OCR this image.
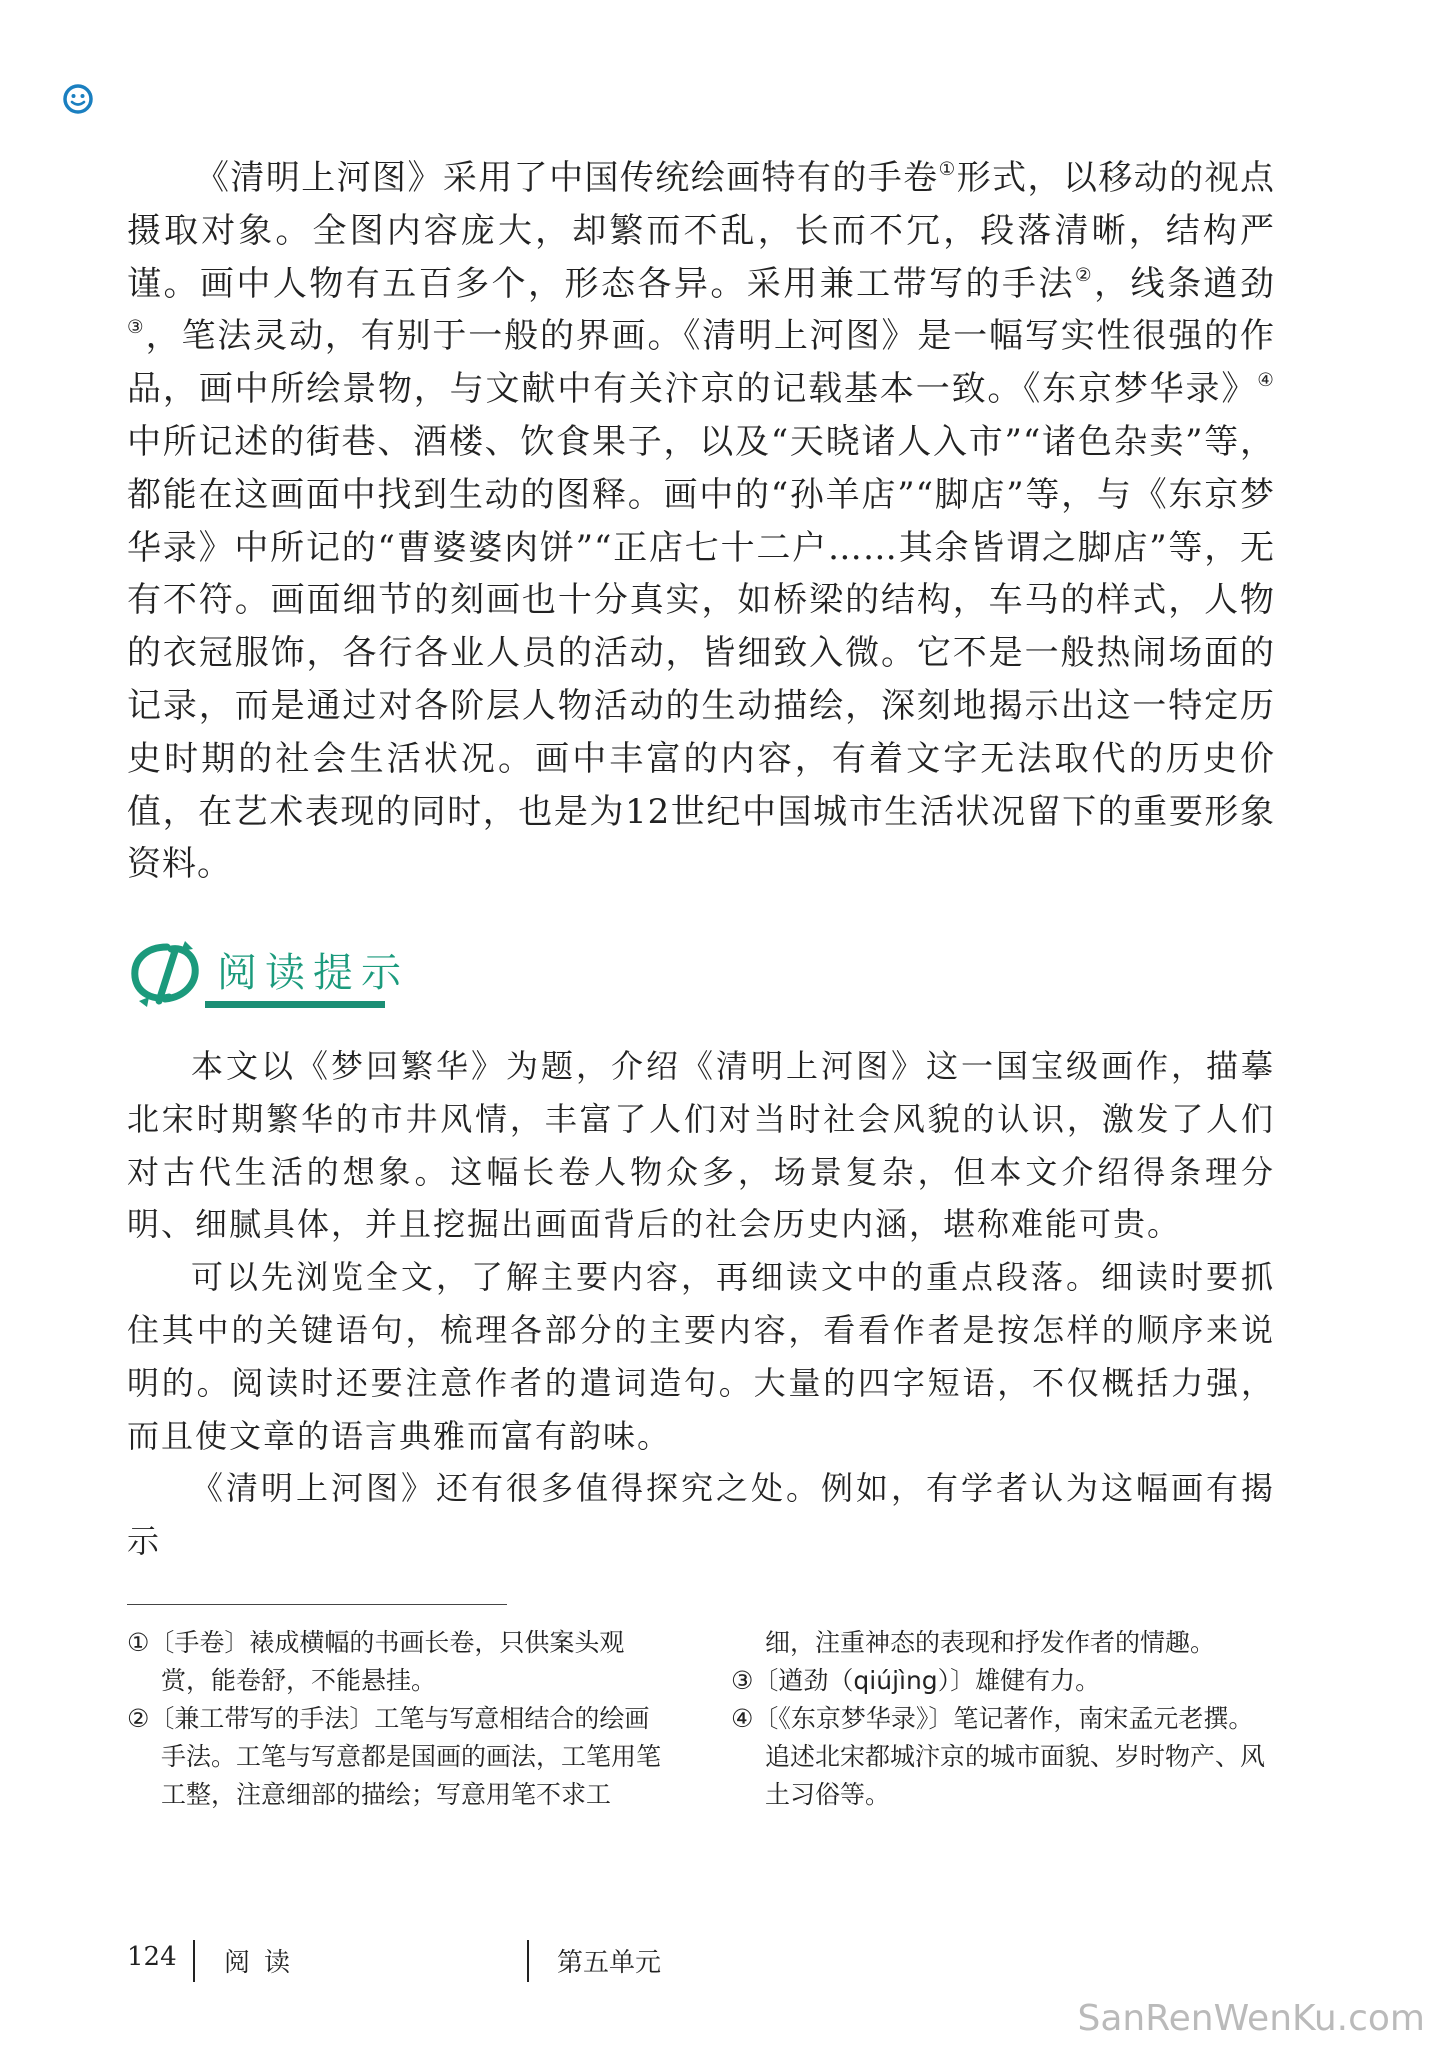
《清明上河图》采用了中国传统绘画特有的手卷①形式，以移动的视点摄取对象。全图内容庞大，却繁而不乱，长而不冗，段落清晰，结构严谨。画中人物有五百多个，形态各异。采用兼工带写的手法②，线条遒劲③，笔法灵动，有别于一般的界画。《清明上河图》是一幅写实性很强的作品，画中所绘景物，与文献中有关汴京的记载基本一致。《东京梦华录》④中所记述的街巷、酒楼、饮食果子，以及“天晓诸人入市”“诸色杂卖”等，都能在这画面中找到生动的图释。画中的“孙羊店”“脚店”等，与《东京梦华录》中所记的“曹婆婆肉饼”“正店七十二户……其余皆谓之脚店”等，无有不符。画面细节的刻画也十分真实，如桥梁的结构，车马的样式，人物的衣冠服饰，各行各业人员的活动，皆细致入微。它不是一般热闹场面的记录，而是通过对各阶层人物活动的生动描绘，深刻地揭示出这一特定历史时期的社会生活状况。画中丰富的内容，有着文字无法取代的历史价值，在艺术表现的同时，也是为12世纪中国城市生活状况留下的重要形象资料。

阅读提示

本文以《梦回繁华》为题，介绍《清明上河图》这一国宝级画作，描摹北宋时期繁华的市井风情，丰富了人们对当时社会风貌的认识，激发了人们对古代生活的想象。这幅长卷人物众多，场景复杂，但本文介绍得条理分明、细腻具体，并且挖掘出画面背后的社会历史内涵，堪称难能可贵。

可以先浏览全文，了解主要内容，再细读文中的重点段落。细读时要抓住其中的关键语句，梳理各部分的主要内容，看看作者是按怎样的顺序来说明的。阅读时还要注意作者的遣词造句。大量的四字短语，不仅概括力强，而且使文章的语言典雅而富有韵味。

《清明上河图》还有很多值得探究之处。例如，有学者认为这幅画有揭示

①〔手卷〕裱成横幅的书画长卷，只供案头观赏，能卷舒，不能悬挂。
②〔兼工带写的手法〕工笔与写意相结合的绘画手法。工笔与写意都是国画的画法，工笔用笔工整，注意细部的描绘；写意用笔不求工
细，注重神态的表现和抒发作者的情趣。
③〔遒劲（qiújìng）〕雄健有力。
④〔《东京梦华录》〕笔记著作，南宋孟元老撰。追述北宋都城汴京的城市面貌、岁时物产、风土习俗等。
124 阅读	第五单元
SanRenWenKu.com
